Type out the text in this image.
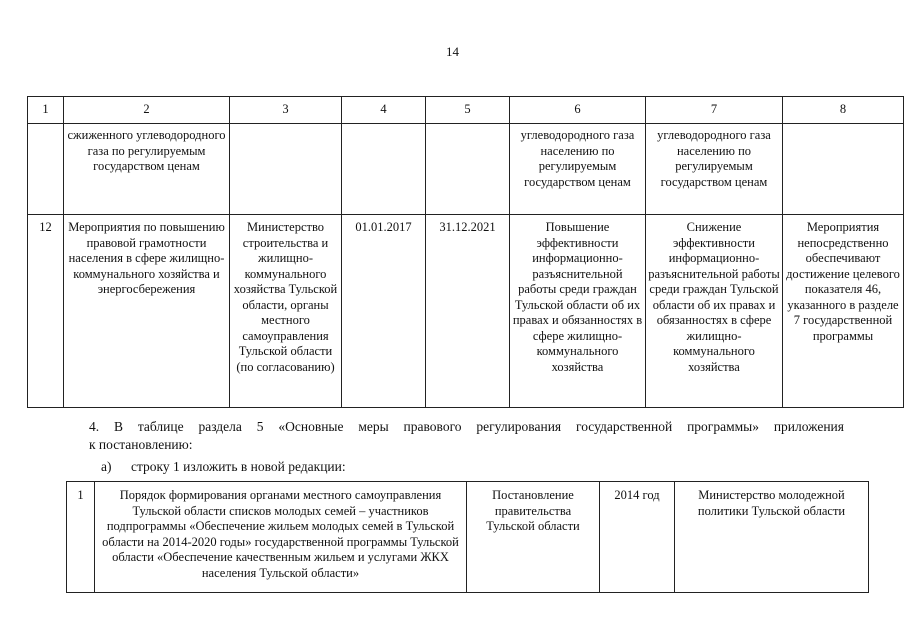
14
1	2	3	4	5	6	7	8
	сжиженного углеводородного газа по регулируемым государством ценам				углеводородного газа населению по регулируемым государством ценам	углеводородного газа населению по регулируемым государством ценам	
12	Мероприятия по повышению правовой грамотности населения в сфере жилищно-коммунального хозяйства и энергосбережения	Министерство строительства и жилищно-коммунального хозяйства Тульской области, органы местного самоуправления Тульской области (по согласованию)	01.01.2017	31.12.2021	Повышение эффективности информационно-разъяснительной работы среди граждан Тульской области об их правах и обязанностях в сфере жилищно-коммунального хозяйства	Снижение эффективности информационно-разъяснительной работы среди граждан Тульской области об их правах и обязанностях в сфере жилищно-коммунального хозяйства	Мероприятия непосредственно обеспечивают достижение целевого показателя 46, указанного в разделе 7 государственной программы

4. В таблице раздела 5 «Основные меры правового регулирования государственной программы» приложения

к постановлению:

а) строку 1 изложить в новой редакции:

1	Порядок формирования органами местного самоуправления Тульской области списков молодых семей – участников подпрограммы «Обеспечение жильем молодых семей в Тульской области на 2014-2020 годы» государственной программы Тульской области «Обеспечение качественным жильем и услугами ЖКХ населения Тульской области»	Постановление правительства Тульской области	2014 год	Министерство молодежной политики Тульской области
